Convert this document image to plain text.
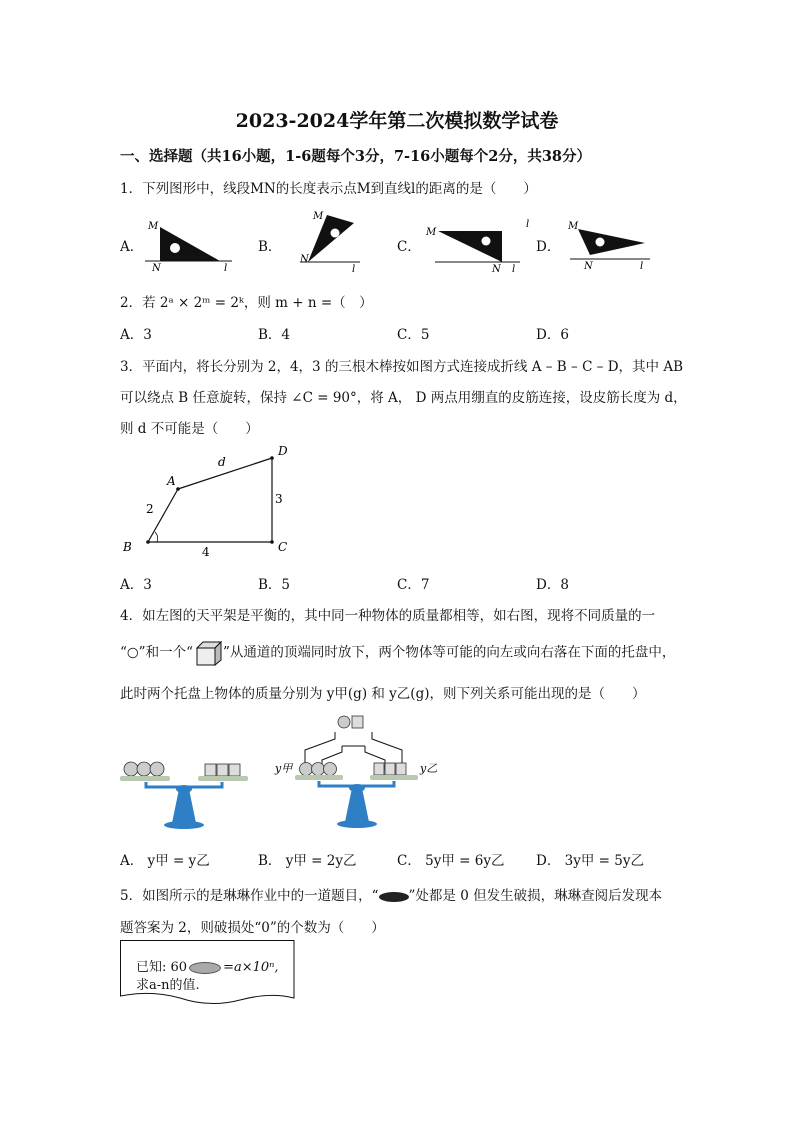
2023-2024学年第二次模拟数学试卷
一、选择题（共16小题，1-6题每个3分，7-16小题每个2分，共38分）
1．下列图形中，线段MN的长度表示点M到直线l的距离的是（　　）
A．
M
N	l
B．
M
N
l
C．
M
N l
l
D．
M
N	l
2．若 2ᵃ × 2ᵐ = 2ᵏ，则 m + n =（　）
A．3	B．4	C．5	D．6
3．平面内，将长分别为 2，4，3 的三根木棒按如图方式连接成折线 A – B – C – D，其中 AB
可以绕点 B 任意旋转，保持 ∠C = 90°，将 A， D 两点用绷直的皮筋连接，设皮筋长度为 d，
则 d 不可能是（　　）
A
B	C
D
d
2
4
3
A．3	B．5	C．7	D．8
4．如左图的天平架是平衡的，其中同一种物体的质量都相等，如右图，现将不同质量的一
“○”和一个“ ”从通道的顶端同时放下，两个物体等可能的向左或向右落在下面的托盘中，
此时两个托盘上物体的质量分别为 y甲(g) 和 y乙(g)，则下列关系可能出现的是（　　）
y甲	y乙
A． y甲 = y乙	B． y甲 = 2y乙	C． 5y甲 = 6y乙 D． 3y甲 = 5y乙
5．如图所示的是琳琳作业中的一道题目，“ ”处都是 0 但发生破损，琳琳查阅后发现本
题答案为 2，则破损处“0”的个数为（　　）
已知: 60	=a×10ⁿ,
求a-n的值.
